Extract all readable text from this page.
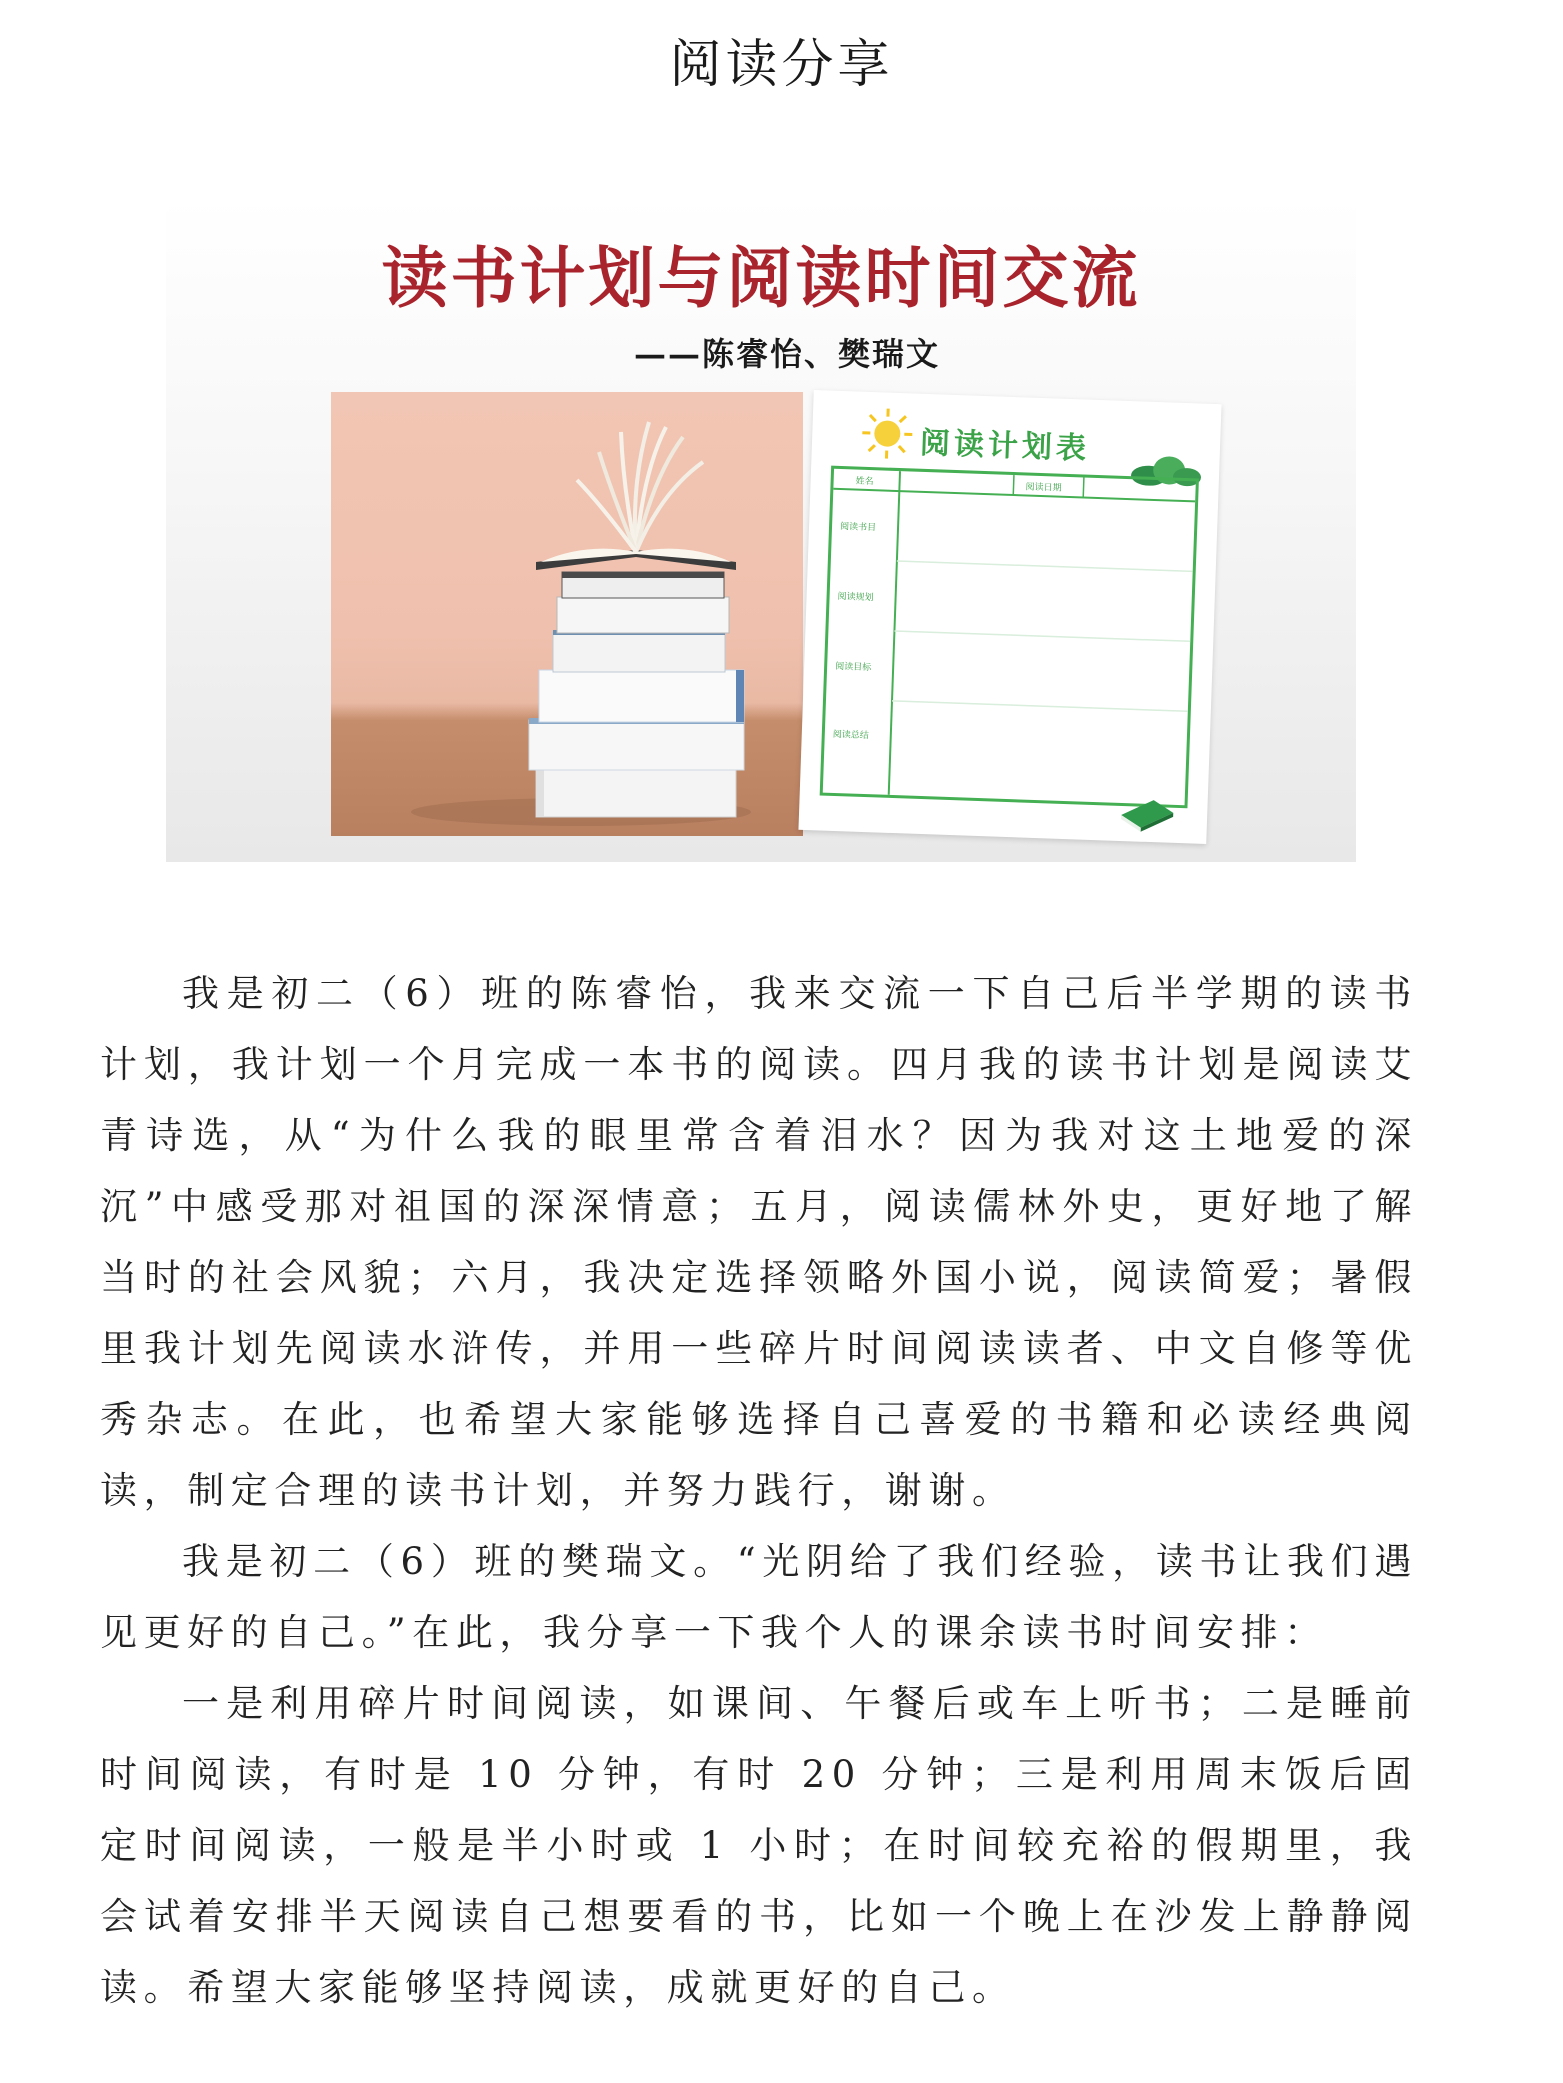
阅读分享
读书计划与阅读时间交流
——陈睿怡、樊瑞文
阅读计划表
姓名
阅读日期
阅读书目
阅读规划
阅读目标
阅读总结

我是初二（6）班的陈睿怡，我来交流一下自己后半学期的读书计划，我计划一个月完成一本书的阅读。四月我的读书计划是阅读艾青诗选，从“为什么我的眼里常含着泪水？因为我对这土地爱的深沉”中感受那对祖国的深深情意；五月，阅读儒林外史，更好地了解当时的社会风貌；六月，我决定选择领略外国小说，阅读简爱；暑假里我计划先阅读水浒传，并用一些碎片时间阅读读者、中文自修等优秀杂志。在此，也希望大家能够选择自己喜爱的书籍和必读经典阅读，制定合理的读书计划，并努力践行，谢谢。

我是初二（6）班的樊瑞文。“光阴给了我们经验，读书让我们遇见更好的自己。”在此，我分享一下我个人的课余读书时间安排：

一是利用碎片时间阅读，如课间、午餐后或车上听书；二是睡前时间阅读，有时是 10 分钟，有时 20 分钟；三是利用周末饭后固定时间阅读，一般是半小时或 1 小时；在时间较充裕的假期里，我会试着安排半天阅读自己想要看的书，比如一个晚上在沙发上静静阅读。希望大家能够坚持阅读，成就更好的自己。
